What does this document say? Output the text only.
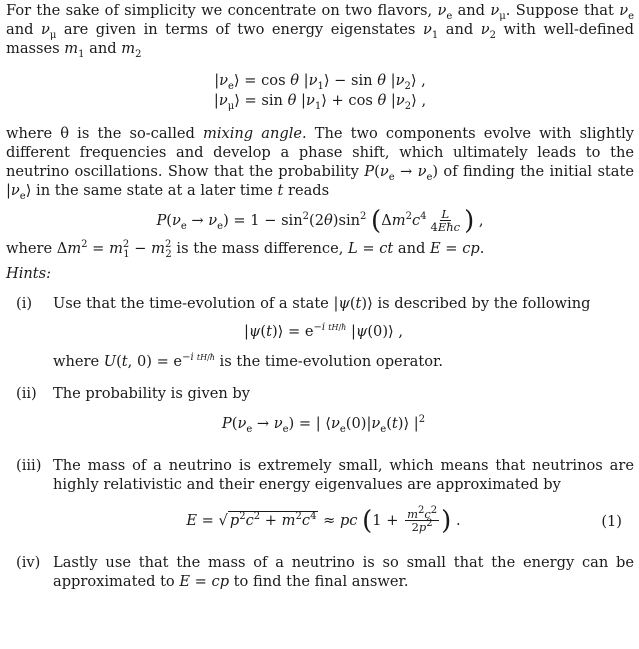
For the sake of simplicity we concentrate on two flavors, $\nu_e$ and $\nu_\mu$. Suppose that $\nu_e$ and $\nu_\mu$ are given in terms of two energy eigenstates $\nu_1$ and $\nu_2$ with well-defined masses $m_1$ and $m_2$

$|\nu_e⟩ = \cos \theta$ $|\nu_1⟩ - \sin \theta$ $|\nu_2⟩$ ,
$|\nu_\mu⟩ = \sin \theta$ $|\nu_1⟩ + \cos \theta$ $|\nu_2⟩$ ,

where θ is the so-called mixing angle. The two components evolve with slightly different frequencies and develop a phase shift, which ultimately leads to the neutrino oscillations. Show that the probability $P(\nu_e \to \nu_e)$ of finding the initial state $|\nu_e⟩$ in the same state at a later time t reads

$P(\nu_e \to \nu_e) = 1 - \sin^2(2\theta)\sin^2$ ($\Delta m^2c^4 \frac{L}{\text{4Eħc}}$ ) ,

where $\Delta m^2 = m^2_1 - m^2_2$ is the mass difference, L = ct and E = cp.

Hints:

(i)	Use that the time-evolution of a state |ψ(t)⟩ is described by the following
|ψ(t)⟩ = $e^{-i tH/ħ}$ |ψ(0)⟩ ,
where U(t, $0) = e^{-i tH/ħ}$ is the time-evolution operator.
(ii)	The probability is given by
$P(\nu_e \to \nu_e)$ = | $⟨\nu_e(0)|\nu_e(t)⟩$ $|^2$
(iii) The mass of a neutrino is extremely small, which means that neutrinos are highly relativistic and their energy eigenvalues are approximated by
E = √ $p^2c^2 + m^2c^4$ ≈ pc ($1 + \frac{m2c2}{2p2}$ ) .	(1)
(iv) Lastly use that the mass of a neutrino is so small that the energy can be approximated to E = cp to find the final answer.
